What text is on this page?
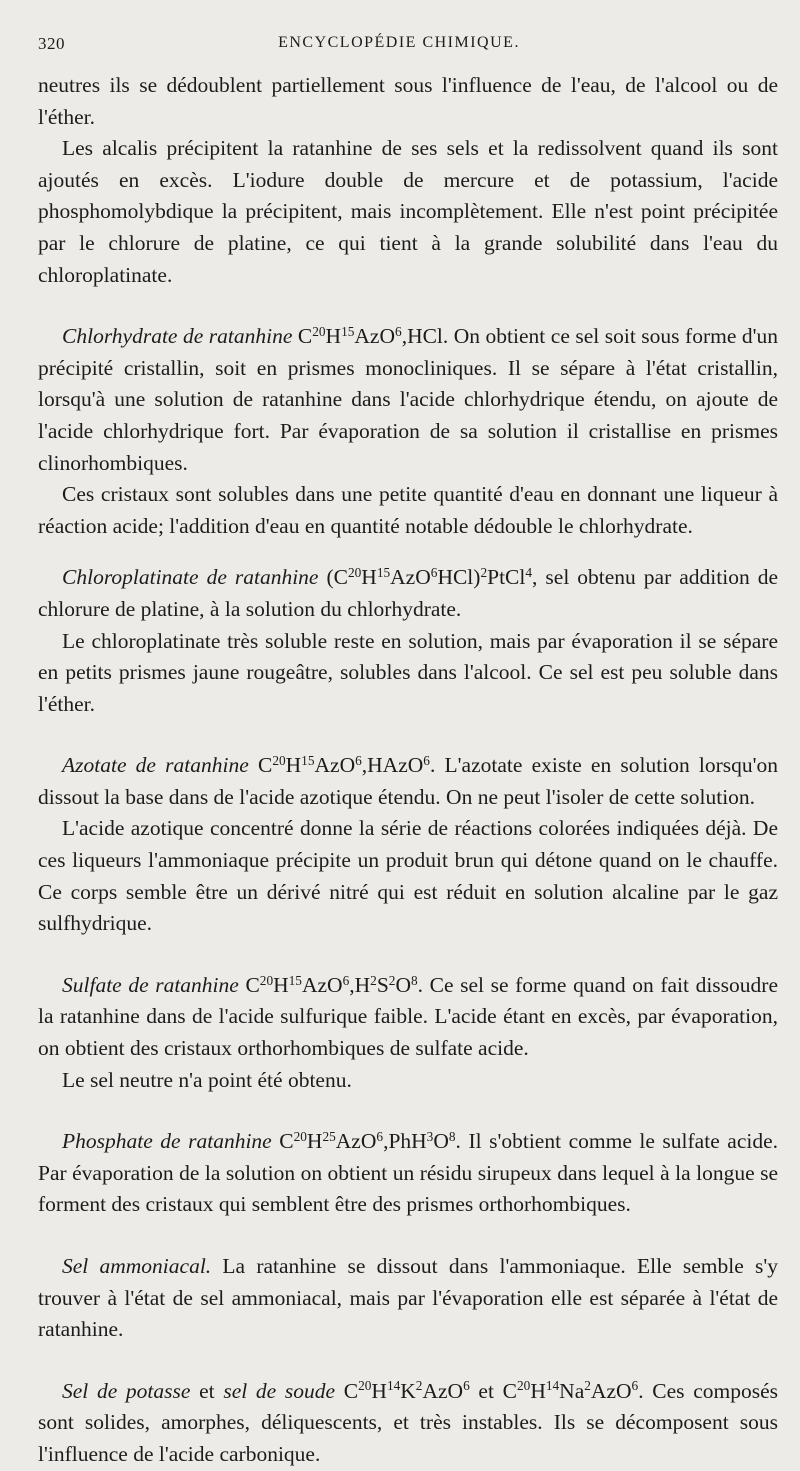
320	ENCYCLOPÉDIE CHIMIQUE.

neutres ils se dédoublent partiellement sous l'influence de l'eau, de l'alcool ou de l'éther.

Les alcalis précipitent la ratanhine de ses sels et la redissolvent quand ils sont ajoutés en excès. L'iodure double de mercure et de potassium, l'acide phosphomolybdique la précipitent, mais incomplètement. Elle n'est point précipitée par le chlorure de platine, ce qui tient à la grande solubilité dans l'eau du chloroplatinate.

Chlorhydrate de ratanhine $C^{20}H^{15}AzO^6,HCl$. On obtient ce sel soit sous forme d'un précipité cristallin, soit en prismes monocliniques. Il se sépare à l'état cristallin, lorsqu'à une solution de ratanhine dans l'acide chlorhydrique étendu, on ajoute de l'acide chlorhydrique fort. Par évaporation de sa solution il cristallise en prismes clinorhombiques.

Ces cristaux sont solubles dans une petite quantité d'eau en donnant une liqueur à réaction acide; l'addition d'eau en quantité notable dédouble le chlorhydrate.

Chloroplatinate de ratanhine $(C^{20}H^{15}AzO^6HCl)^2PtCl^4$, sel obtenu par addition de chlorure de platine, à la solution du chlorhydrate.

Le chloroplatinate très soluble reste en solution, mais par évaporation il se sépare en petits prismes jaune rougeâtre, solubles dans l'alcool. Ce sel est peu soluble dans l'éther.

Azotate de ratanhine $C^{20}H^{15}AzO^6,HAzO^6$. L'azotate existe en solution lorsqu'on dissout la base dans de l'acide azotique étendu. On ne peut l'isoler de cette solution.

L'acide azotique concentré donne la série de réactions colorées indiquées déjà. De ces liqueurs l'ammoniaque précipite un produit brun qui détone quand on le chauffe. Ce corps semble être un dérivé nitré qui est réduit en solution alcaline par le gaz sulfhydrique.

Sulfate de ratanhine $C^{20}H^{15}AzO^6,H^2S^2O^8$. Ce sel se forme quand on fait dissoudre la ratanhine dans de l'acide sulfurique faible. L'acide étant en excès, par évaporation, on obtient des cristaux orthorhombiques de sulfate acide.

Le sel neutre n'a point été obtenu.

Phosphate de ratanhine $C^{20}H^{25}AzO^6,PhH^3O^8$. Il s'obtient comme le sulfate acide. Par évaporation de la solution on obtient un résidu sirupeux dans lequel à la longue se forment des cristaux qui semblent être des prismes orthorhombiques.

Sel ammoniacal. La ratanhine se dissout dans l'ammoniaque. Elle semble s'y trouver à l'état de sel ammoniacal, mais par l'évaporation elle est séparée à l'état de ratanhine.

Sel de potasse et sel de soude $C^{20}H^{14}K^2AzO^6$ et $C^{20}H^{14}Na^2AzO^6$. Ces composés sont solides, amorphes, déliquescents, et très instables. Ils se décomposent sous l'influence de l'acide carbonique.
